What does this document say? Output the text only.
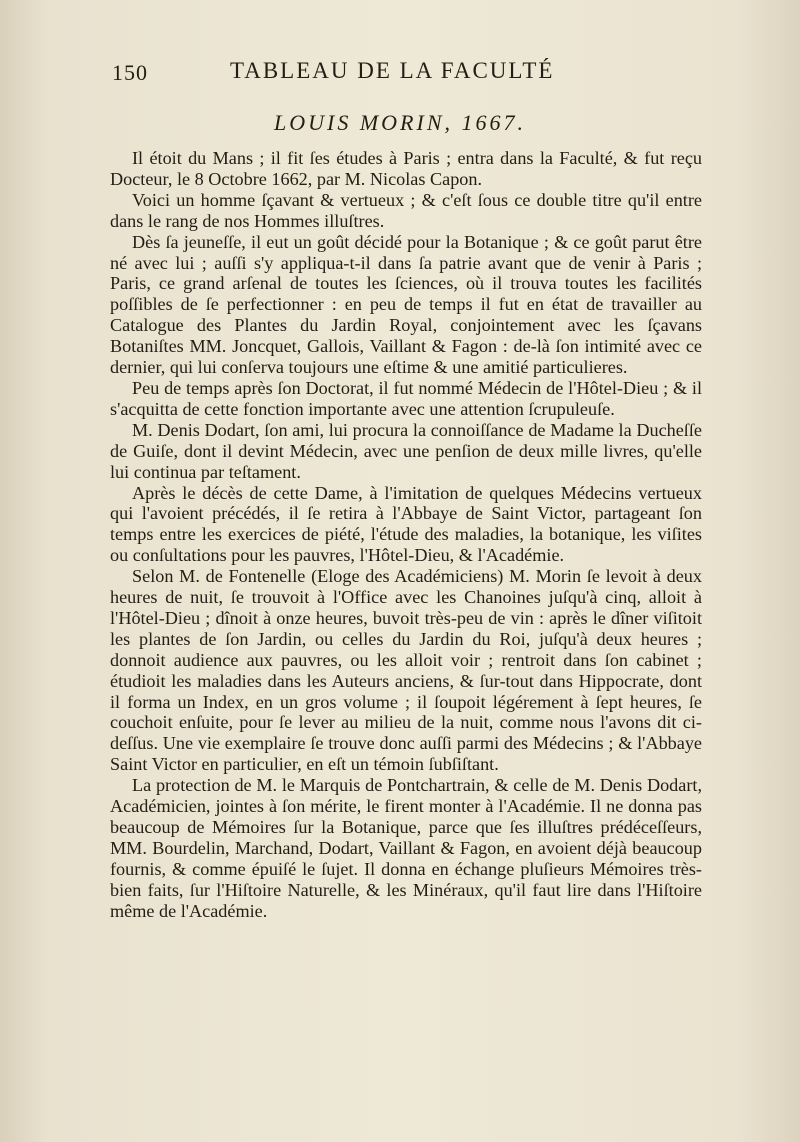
150	TABLEAU DE LA FACULTÉ
LOUIS MORIN, 1667.

Il étoit du Mans ; il fit ſes études à Paris ; entra dans la Faculté, & fut reçu Docteur, le 8 Octobre 1662, par M. Nicolas Capon.

Voici un homme ſçavant & vertueux ; & c'eſt ſous ce double titre qu'il entre dans le rang de nos Hommes illuſtres.

Dès ſa jeuneſſe, il eut un goût décidé pour la Botanique ; & ce goût parut être né avec lui ; auſſi s'y appliqua-t-il dans ſa patrie avant que de venir à Paris ; Paris, ce grand arſenal de toutes les ſciences, où il trouva toutes les facilités poſſibles de ſe perfectionner : en peu de temps il fut en état de travailler au Catalogue des Plantes du Jardin Royal, conjointement avec les ſçavans Botaniſtes MM. Joncquet, Gallois, Vaillant & Fagon : de-là ſon intimité avec ce dernier, qui lui conſerva toujours une eſtime & une amitié particulieres.

Peu de temps après ſon Doctorat, il fut nommé Médecin de l'Hôtel-Dieu ; & il s'acquitta de cette fonction importante avec une attention ſcrupuleuſe.

M. Denis Dodart, ſon ami, lui procura la connoiſſance de Madame la Ducheſſe de Guiſe, dont il devint Médecin, avec une penſion de deux mille livres, qu'elle lui continua par teſtament.

Après le décès de cette Dame, à l'imitation de quelques Médecins vertueux qui l'avoient précédés, il ſe retira à l'Abbaye de Saint Victor, partageant ſon temps entre les exercices de piété, l'étude des maladies, la botanique, les viſites ou conſultations pour les pauvres, l'Hôtel-Dieu, & l'Académie.

Selon M. de Fontenelle (Eloge des Académiciens) M. Morin ſe levoit à deux heures de nuit, ſe trouvoit à l'Office avec les Chanoines juſqu'à cinq, alloit à l'Hôtel-Dieu ; dînoit à onze heures, buvoit très-peu de vin : après le dîner viſitoit les plantes de ſon Jardin, ou celles du Jardin du Roi, juſqu'à deux heures ; donnoit audience aux pauvres, ou les alloit voir ; rentroit dans ſon cabinet ; étudioit les maladies dans les Auteurs anciens, & ſur-tout dans Hippocrate, dont il forma un Index, en un gros volume ; il ſoupoit légérement à ſept heures, ſe couchoit enſuite, pour ſe lever au milieu de la nuit, comme nous l'avons dit ci-deſſus. Une vie exemplaire ſe trouve donc auſſi parmi des Médecins ; & l'Abbaye Saint Victor en particulier, en eſt un témoin ſubſiſtant.

La protection de M. le Marquis de Pontchartrain, & celle de M. Denis Dodart, Académicien, jointes à ſon mérite, le firent monter à l'Académie. Il ne donna pas beaucoup de Mémoires ſur la Botanique, parce que ſes illuſtres prédéceſſeurs, MM. Bourdelin, Marchand, Dodart, Vaillant & Fagon, en avoient déjà beaucoup fournis, & comme épuiſé le ſujet. Il donna en échange pluſieurs Mémoires très-bien faits, ſur l'Hiſtoire Naturelle, & les Minéraux, qu'il faut lire dans l'Hiſtoire même de l'Académie.
